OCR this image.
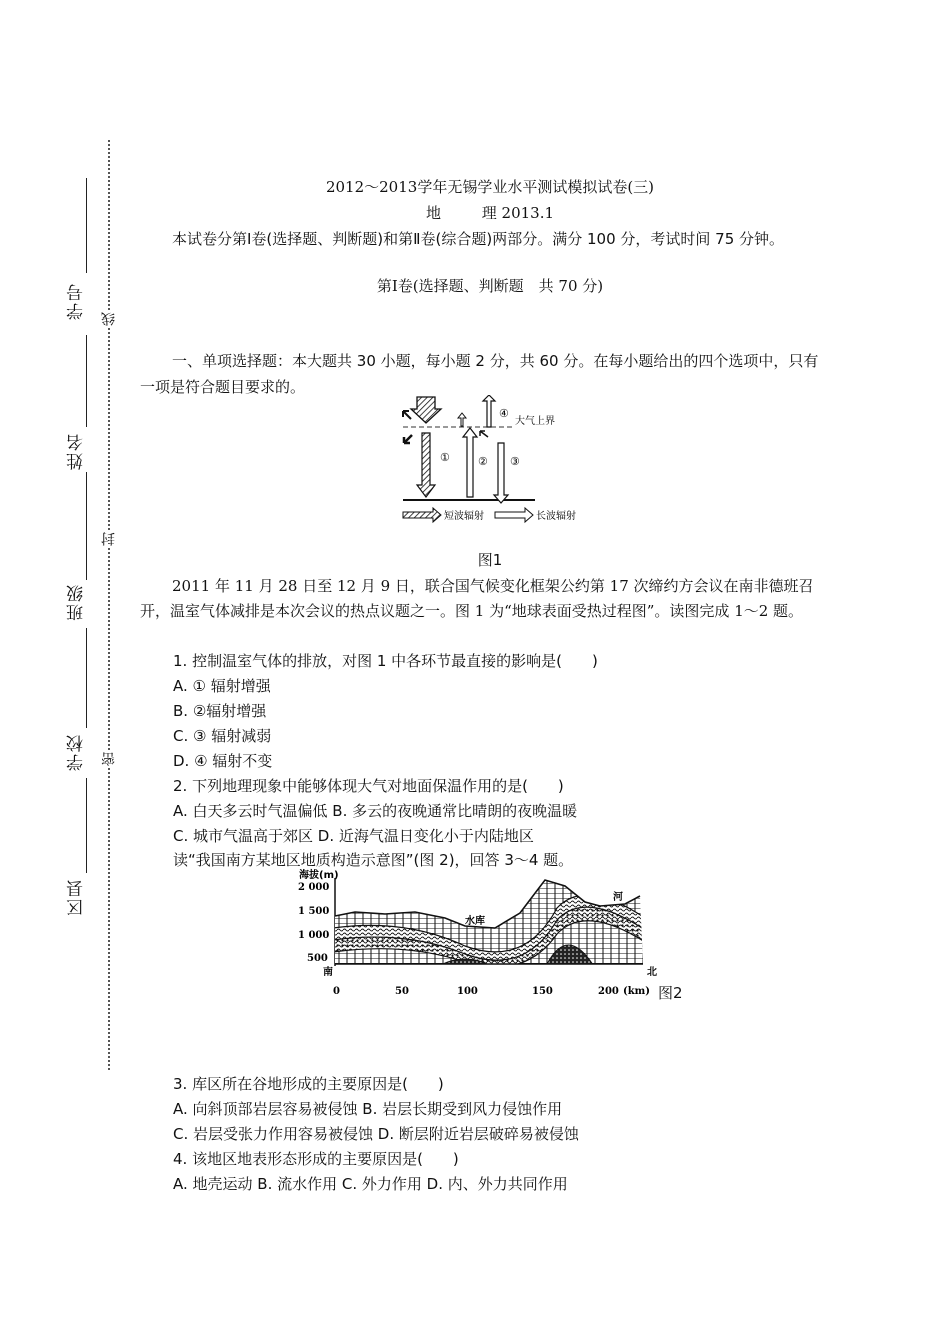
学号
姓名
班级
学校
区县
线
封
密
2012～2013学年无锡学业水平测试模拟试卷(三)
地	理 2013.1
本试卷分第Ⅰ卷(选择题、判断题)和第Ⅱ卷(综合题)两部分。满分 100 分，考试时间 75 分钟。
第Ⅰ卷(选择题、判断题　共 70 分)
一、单项选择题：本大题共 30 小题，每小题 2 分，共 60 分。在每小题给出的四个选项中，只有一项是符合题目要求的。
①	② ③
④
大气上界
短波辐射	长波辐射
图1
2011 年 11 月 28 日至 12 月 9 日，联合国气候变化框架公约第 17 次缔约方会议在南非德班召开，温室气体减排是本次会议的热点议题之一。图 1 为“地球表面受热过程图”。读图完成 1～2 题。
1. 控制温室气体的排放，对图 1 中各环节最直接的影响是(　　)
A. ① 辐射增强
B. ②辐射增强
C. ③ 辐射减弱
D. ④ 辐射不变
2. 下列地理现象中能够体现大气对地面保温作用的是(　　)
A. 白天多云时气温偏低 B. 多云的夜晚通常比晴朗的夜晚温暖
C. 城市气温高于郊区 D. 近海气温日变化小于内陆地区
读“我国南方某地区地质构造示意图”(图 2)，回答 3～4 题。
海拔(m)
2 000
1 500
1 000
500
南	北
水库
河
0	50	100	150	200 (km) 图2
3. 库区所在谷地形成的主要原因是(　　)
A. 向斜顶部岩层容易被侵蚀 B. 岩层长期受到风力侵蚀作用
C. 岩层受张力作用容易被侵蚀 D. 断层附近岩层破碎易被侵蚀
4. 该地区地表形态形成的主要原因是(　　)
A. 地壳运动 B. 流水作用 C. 外力作用 D. 内、外力共同作用
